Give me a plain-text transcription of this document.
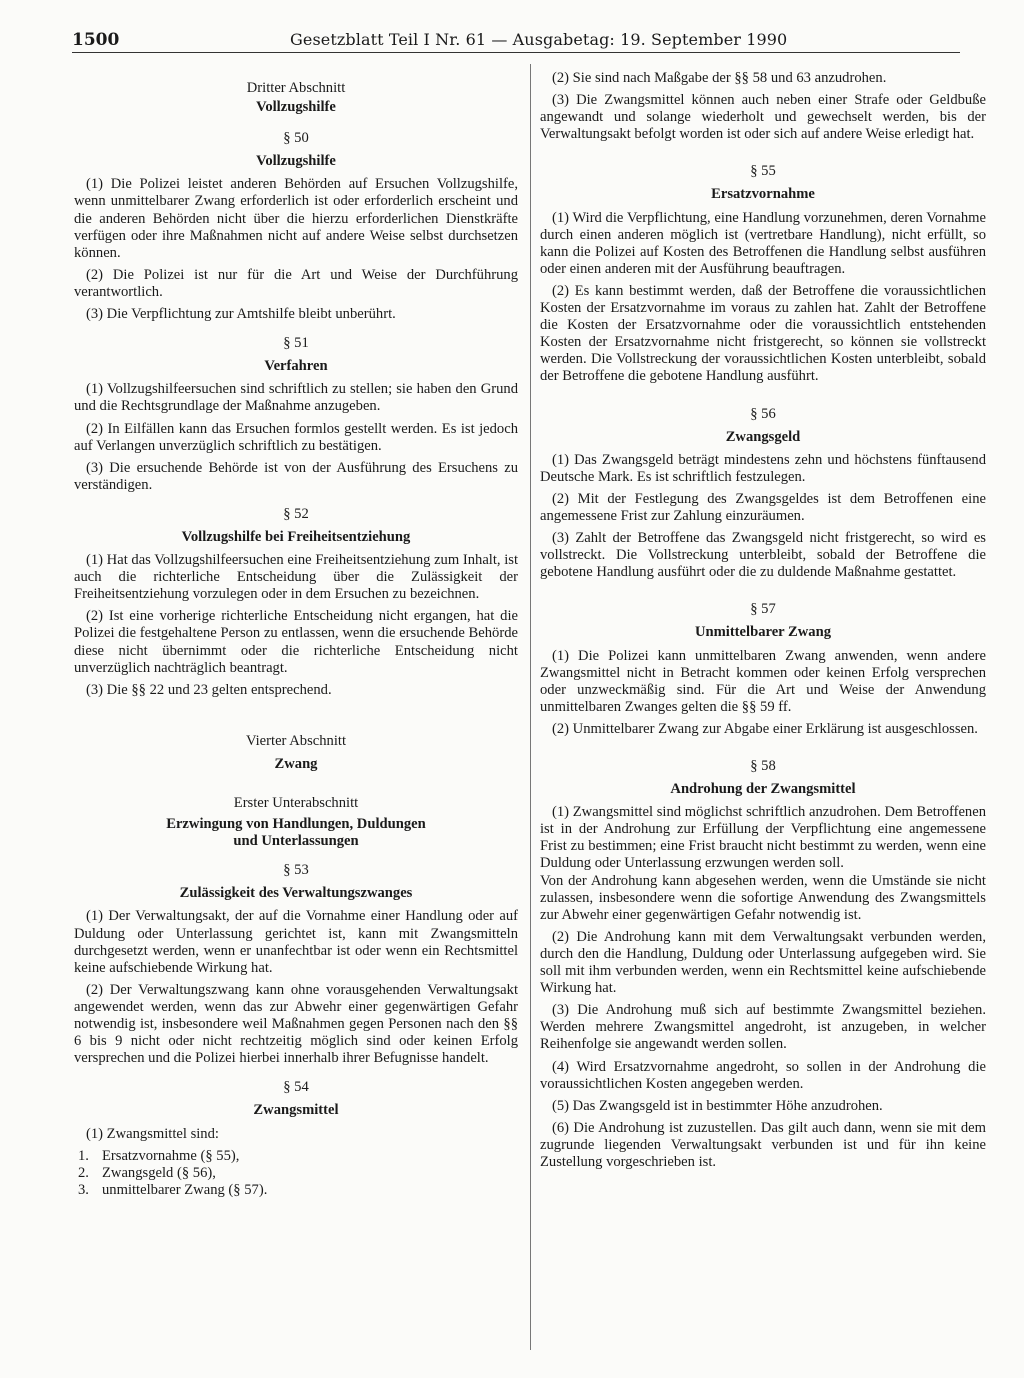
1500	Gesetzblatt Teil I Nr. 61 — Ausgabetag: 19. September 1990

Dritter Abschnitt

Vollzugshilfe

§ 50

Vollzugshilfe

(1) Die Polizei leistet anderen Behörden auf Ersuchen Vollzugshilfe, wenn unmittelbarer Zwang erforderlich ist oder erforderlich erscheint und die anderen Behörden nicht über die hierzu erforderlichen Dienstkräfte verfügen oder ihre Maßnahmen nicht auf andere Weise selbst durchsetzen können.

(2) Die Polizei ist nur für die Art und Weise der Durchführung verantwortlich.

(3) Die Verpflichtung zur Amtshilfe bleibt unberührt.

§ 51

Verfahren

(1) Vollzugshilfeersuchen sind schriftlich zu stellen; sie haben den Grund und die Rechtsgrundlage der Maßnahme anzugeben.

(2) In Eilfällen kann das Ersuchen formlos gestellt werden. Es ist jedoch auf Verlangen unverzüglich schriftlich zu bestätigen.

(3) Die ersuchende Behörde ist von der Ausführung des Ersuchens zu verständigen.

§ 52

Vollzugshilfe bei Freiheitsentziehung

(1) Hat das Vollzugshilfeersuchen eine Freiheitsentziehung zum Inhalt, ist auch die richterliche Entscheidung über die Zulässigkeit der Freiheitsentziehung vorzulegen oder in dem Ersuchen zu bezeichnen.

(2) Ist eine vorherige richterliche Entscheidung nicht ergangen, hat die Polizei die festgehaltene Person zu entlassen, wenn die ersuchende Behörde diese nicht übernimmt oder die richterliche Entscheidung nicht unverzüglich nachträglich beantragt.

(3) Die §§ 22 und 23 gelten entsprechend.

Vierter Abschnitt

Zwang

Erster Unterabschnitt

Erzwingung von Handlungen, Duldungen

und Unterlassungen

§ 53

Zulässigkeit des Verwaltungszwanges

(1) Der Verwaltungsakt, der auf die Vornahme einer Handlung oder auf Duldung oder Unterlassung gerichtet ist, kann mit Zwangsmitteln durchgesetzt werden, wenn er unanfechtbar ist oder wenn ein Rechtsmittel keine aufschiebende Wirkung hat.

(2) Der Verwaltungszwang kann ohne vorausgehenden Verwaltungsakt angewendet werden, wenn das zur Abwehr einer gegenwärtigen Gefahr notwendig ist, insbesondere weil Maßnahmen gegen Personen nach den §§ 6 bis 9 nicht oder nicht rechtzeitig möglich sind oder keinen Erfolg versprechen und die Polizei hierbei innerhalb ihrer Befugnisse handelt.

§ 54

Zwangsmittel

(1) Zwangsmittel sind:

1. Ersatzvornahme (§ 55),
2. Zwangsgeld (§ 56),
3. unmittelbarer Zwang (§ 57).

(2) Sie sind nach Maßgabe der §§ 58 und 63 anzudrohen.

(3) Die Zwangsmittel können auch neben einer Strafe oder Geldbuße angewandt und solange wiederholt und gewechselt werden, bis der Verwaltungsakt befolgt worden ist oder sich auf andere Weise erledigt hat.

§ 55

Ersatzvornahme

(1) Wird die Verpflichtung, eine Handlung vorzunehmen, deren Vornahme durch einen anderen möglich ist (vertretbare Handlung), nicht erfüllt, so kann die Polizei auf Kosten des Betroffenen die Handlung selbst ausführen oder einen anderen mit der Ausführung beauftragen.

(2) Es kann bestimmt werden, daß der Betroffene die voraussichtlichen Kosten der Ersatzvornahme im voraus zu zahlen hat. Zahlt der Betroffene die Kosten der Ersatzvornahme oder die voraussichtlich entstehenden Kosten der Ersatzvornahme nicht fristgerecht, so können sie vollstreckt werden. Die Vollstreckung der voraussichtlichen Kosten unterbleibt, sobald der Betroffene die gebotene Handlung ausführt.

§ 56

Zwangsgeld

(1) Das Zwangsgeld beträgt mindestens zehn und höchstens fünftausend Deutsche Mark. Es ist schriftlich festzulegen.

(2) Mit der Festlegung des Zwangsgeldes ist dem Betroffenen eine angemessene Frist zur Zahlung einzuräumen.

(3) Zahlt der Betroffene das Zwangsgeld nicht fristgerecht, so wird es vollstreckt. Die Vollstreckung unterbleibt, sobald der Betroffene die gebotene Handlung ausführt oder die zu duldende Maßnahme gestattet.

§ 57

Unmittelbarer Zwang

(1) Die Polizei kann unmittelbaren Zwang anwenden, wenn andere Zwangsmittel nicht in Betracht kommen oder keinen Erfolg versprechen oder unzweckmäßig sind. Für die Art und Weise der Anwendung unmittelbaren Zwanges gelten die §§ 59 ff.

(2) Unmittelbarer Zwang zur Abgabe einer Erklärung ist ausgeschlossen.

§ 58

Androhung der Zwangsmittel

(1) Zwangsmittel sind möglichst schriftlich anzudrohen. Dem Betroffenen ist in der Androhung zur Erfüllung der Verpflichtung eine angemessene Frist zu bestimmen; eine Frist braucht nicht bestimmt zu werden, wenn eine Duldung oder Unterlassung erzwungen werden soll.

Von der Androhung kann abgesehen werden, wenn die Umstände sie nicht zulassen, insbesondere wenn die sofortige Anwendung des Zwangsmittels zur Abwehr einer gegenwärtigen Gefahr notwendig ist.

(2) Die Androhung kann mit dem Verwaltungsakt verbunden werden, durch den die Handlung, Duldung oder Unterlassung aufgegeben wird. Sie soll mit ihm verbunden werden, wenn ein Rechtsmittel keine aufschiebende Wirkung hat.

(3) Die Androhung muß sich auf bestimmte Zwangsmittel beziehen. Werden mehrere Zwangsmittel angedroht, ist anzugeben, in welcher Reihenfolge sie angewandt werden sollen.

(4) Wird Ersatzvornahme angedroht, so sollen in der Androhung die voraussichtlichen Kosten angegeben werden.

(5) Das Zwangsgeld ist in bestimmter Höhe anzudrohen.

(6) Die Androhung ist zuzustellen. Das gilt auch dann, wenn sie mit dem zugrunde liegenden Verwaltungsakt verbunden ist und für ihn keine Zustellung vorgeschrieben ist.
